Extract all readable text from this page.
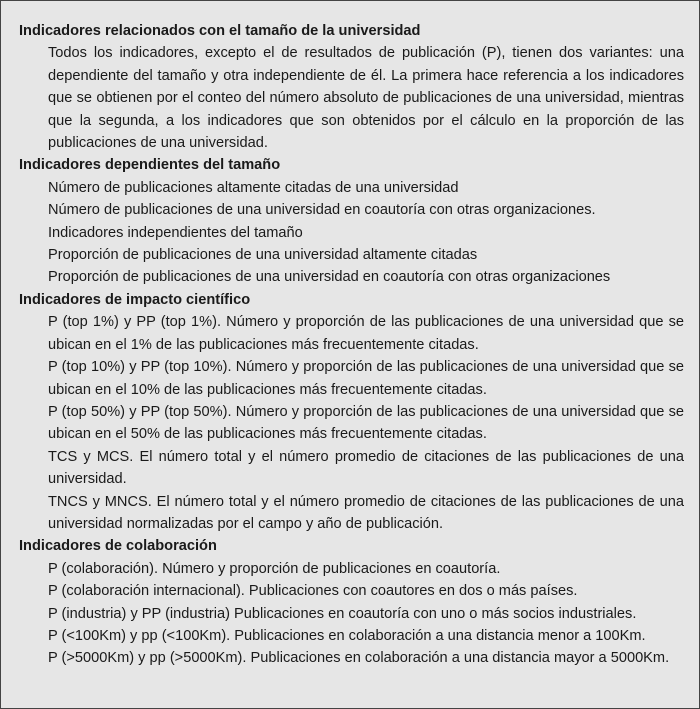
Indicadores relacionados con el tamaño de la universidad

Todos los indicadores, excepto el de resultados de publicación (P), tienen dos variantes: una dependiente del tamaño y otra independiente de él. La primera hace referencia a los indicadores que se obtienen por el conteo del número absoluto de publicaciones de una universidad, mientras que la segunda, a los indicadores que son obtenidos por el cálculo en la proporción de las publicaciones de una universidad.

Indicadores dependientes del tamaño

Número de publicaciones altamente citadas de una universidad

Número de publicaciones de una universidad en coautoría con otras organizaciones.

Indicadores independientes del tamaño

Proporción de publicaciones de una universidad altamente citadas

Proporción de publicaciones de una universidad en coautoría con otras organizaciones

Indicadores de impacto científico

P (top 1%) y PP (top 1%). Número y proporción de las publicaciones de una universidad que se ubican en el 1% de las publicaciones más frecuentemente citadas.

P (top 10%) y PP (top 10%). Número y proporción de las publicaciones de una universidad que se ubican en el 10% de las publicaciones más frecuentemente citadas.

P (top 50%) y PP (top 50%). Número y proporción de las publicaciones de una universidad que se ubican en el 50% de las publicaciones más frecuentemente citadas.

TCS y MCS. El número total y el número promedio de citaciones de las publicaciones de una universidad.

TNCS y MNCS. El número total y el número promedio de citaciones de las publicaciones de una universidad normalizadas por el campo y año de publicación.

Indicadores de colaboración

P (colaboración). Número y proporción de publicaciones en coautoría.

P (colaboración internacional). Publicaciones con coautores en dos o más países.

P (industria) y PP (industria) Publicaciones en coautoría con uno o más socios industriales.

P (<100Km) y pp (<100Km). Publicaciones en colaboración a una distancia menor a 100Km.

P (>5000Km) y pp (>5000Km). Publicaciones en colaboración a una distancia mayor a 5000Km.
